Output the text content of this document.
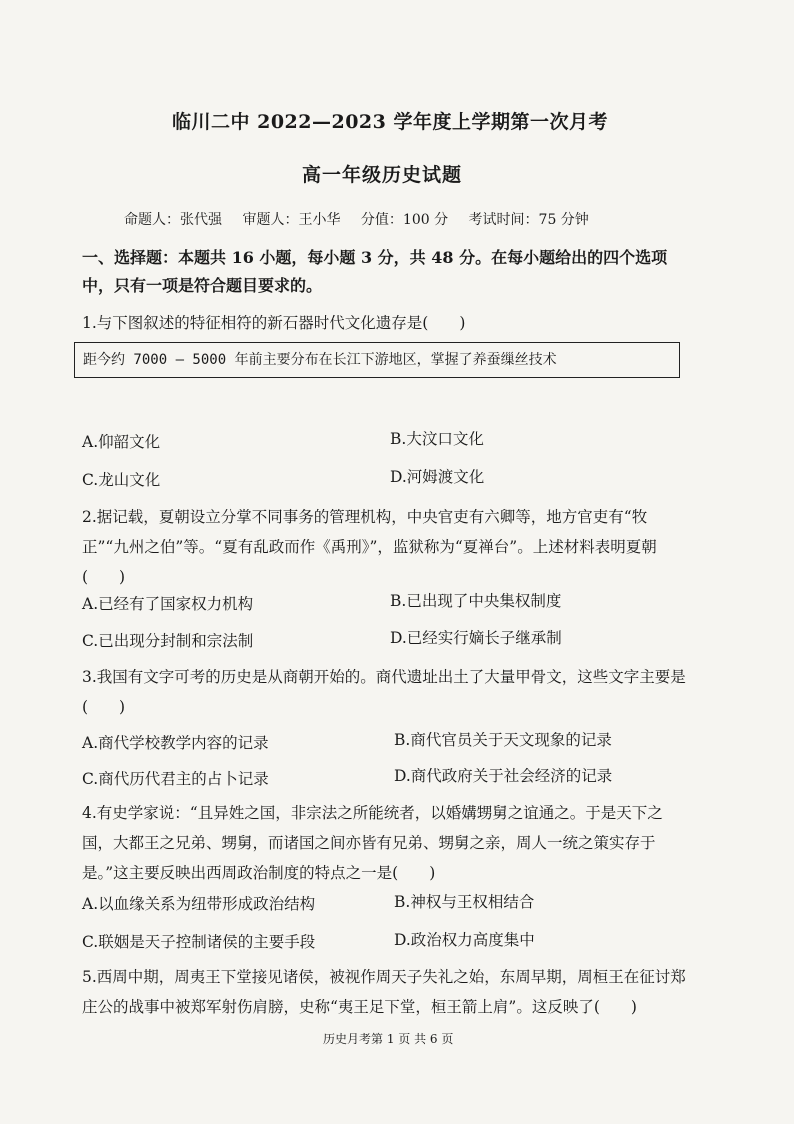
临川二中 2022—2023 学年度上学期第一次月考
高一年级历史试题
命题人：张代强 审题人：王小华 分值：100 分 考试时间：75 分钟
一、选择题：本题共 16 小题，每小题 3 分，共 48 分。在每小题给出的四个选项中，只有一项是符合题目要求的。
1.与下图叙述的特征相符的新石器时代文化遗存是(　　)
距今约 7000 — 5000 年前主要分布在长江下游地区，掌握了养蚕缫丝技术
A.仰韶文化	B.大汶口文化
C.龙山文化	D.河姆渡文化
2.据记载，夏朝设立分掌不同事务的管理机构，中央官吏有六卿等，地方官吏有“牧正”“九州之伯”等。“夏有乱政而作《禹刑》”，监狱称为“夏禅台”。上述材料表明夏朝(　　)
A.已经有了国家权力机构	B.已出现了中央集权制度
C.已出现分封制和宗法制	D.已经实行嫡长子继承制
3.我国有文字可考的历史是从商朝开始的。商代遗址出土了大量甲骨文，这些文字主要是(　　)
A.商代学校教学内容的记录	B.商代官员关于天文现象的记录
C.商代历代君主的占卜记录	D.商代政府关于社会经济的记录
4.有史学家说：“且异姓之国，非宗法之所能统者，以婚媾甥舅之谊通之。于是天下之国，大都王之兄弟、甥舅，而诸国之间亦皆有兄弟、甥舅之亲，周人一统之策实存于是。”这主要反映出西周政治制度的特点之一是(　　)
A.以血缘关系为纽带形成政治结构	B.神权与王权相结合
C.联姻是天子控制诸侯的主要手段	D.政治权力高度集中
5.西周中期，周夷王下堂接见诸侯，被视作周天子失礼之始，东周早期，周桓王在征讨郑庄公的战事中被郑军射伤肩膀，史称“夷王足下堂，桓王箭上肩”。这反映了(　　)
历史月考第 1 页 共 6 页
